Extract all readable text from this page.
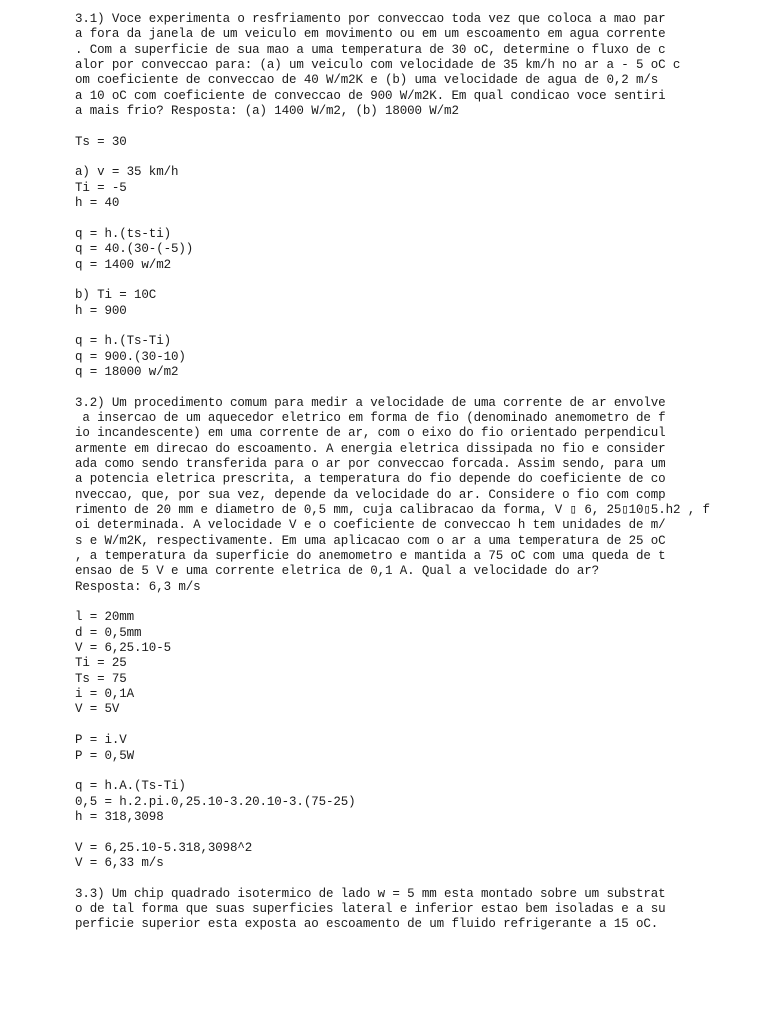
3.1) Voce experimenta o resfriamento por conveccao toda vez que coloca a mao par
a fora da janela de um veiculo em movimento ou em um escoamento em agua corrente
. Com a superficie de sua mao a uma temperatura de 30 oC, determine o fluxo de c
alor por conveccao para: (a) um veiculo com velocidade de 35 km/h no ar a - 5 oC c
om coeficiente de conveccao de 40 W/m2K e (b) uma velocidade de agua de 0,2 m/s
a 10 oC com coeficiente de conveccao de 900 W/m2K. Em qual condicao voce sentiri
a mais frio? Resposta: (a) 1400 W/m2, (b) 18000 W/m2

Ts = 30

a) v = 35 km/h
Ti = -5
h = 40

q = h.(ts-ti)
q = 40.(30-(-5))
q = 1400 w/m2

b) Ti = 10C
h = 900

q = h.(Ts-Ti)
q = 900.(30-10)
q = 18000 w/m2

3.2) Um procedimento comum para medir a velocidade de uma corrente de ar envolve
a insercao de um aquecedor eletrico em forma de fio (denominado anemometro de f
io incandescente) em uma corrente de ar, com o eixo do fio orientado perpendicul
armente em direcao do escoamento. A energia eletrica dissipada no fio e consider
ada como sendo transferida para o ar por conveccao forcada. Assim sendo, para um
a potencia eletrica prescrita, a temperatura do fio depende do coeficiente de co
nveccao, que, por sua vez, depende da velocidade do ar. Considere o fio com comp
rimento de 20 mm e diametro de 0,5 mm, cuja calibracao da forma, V ▯ 6, 25▯10▯5.h2 , f
oi determinada. A velocidade V e o coeficiente de conveccao h tem unidades de m/
s e W/m2K, respectivamente. Em uma aplicacao com o ar a uma temperatura de 25 oC
, a temperatura da superficie do anemometro e mantida a 75 oC com uma queda de t
ensao de 5 V e uma corrente eletrica de 0,1 A. Qual a velocidade do ar?
Resposta: 6,3 m/s

l = 20mm
d = 0,5mm
V = 6,25.10-5
Ti = 25
Ts = 75
i = 0,1A
V = 5V

P = i.V
P = 0,5W

q = h.A.(Ts-Ti)
0,5 = h.2.pi.0,25.10-3.20.10-3.(75-25)
h = 318,3098

V = 6,25.10-5.318,3098^2
V = 6,33 m/s

3.3) Um chip quadrado isotermico de lado w = 5 mm esta montado sobre um substrat
o de tal forma que suas superficies lateral e inferior estao bem isoladas e a su
perficie superior esta exposta ao escoamento de um fluido refrigerante a 15 oC.
